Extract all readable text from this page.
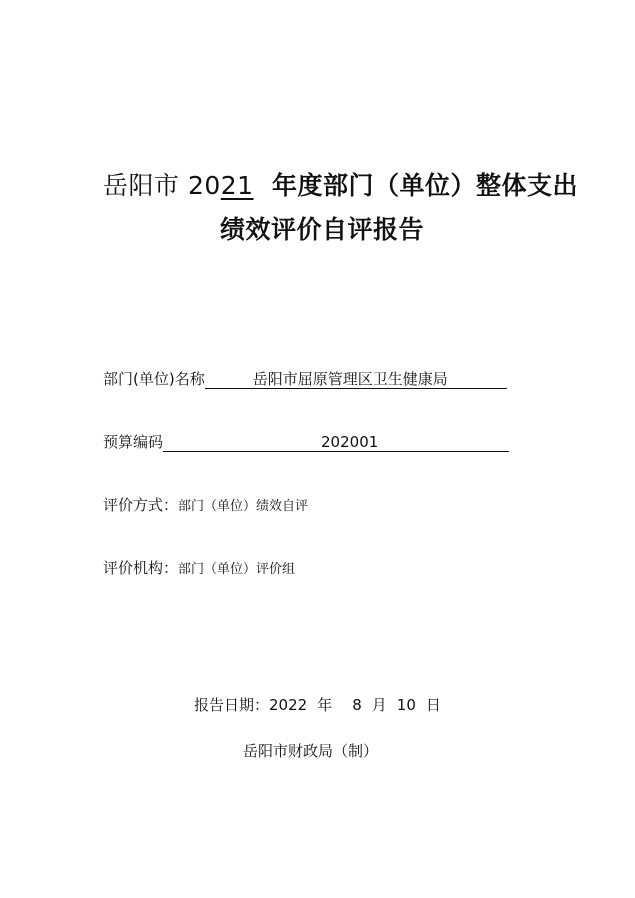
岳阳市 2021  年度部门（单位）整体支出
绩效评价自评报告
部门(单位)名称	岳阳市屈原管理区卫生健康局
预算编码	202001
评价方式：部门（单位）绩效自评
评价机构：部门（单位）评价组
报告日期：2022 年 8 月 10 日
岳阳市财政局（制）
